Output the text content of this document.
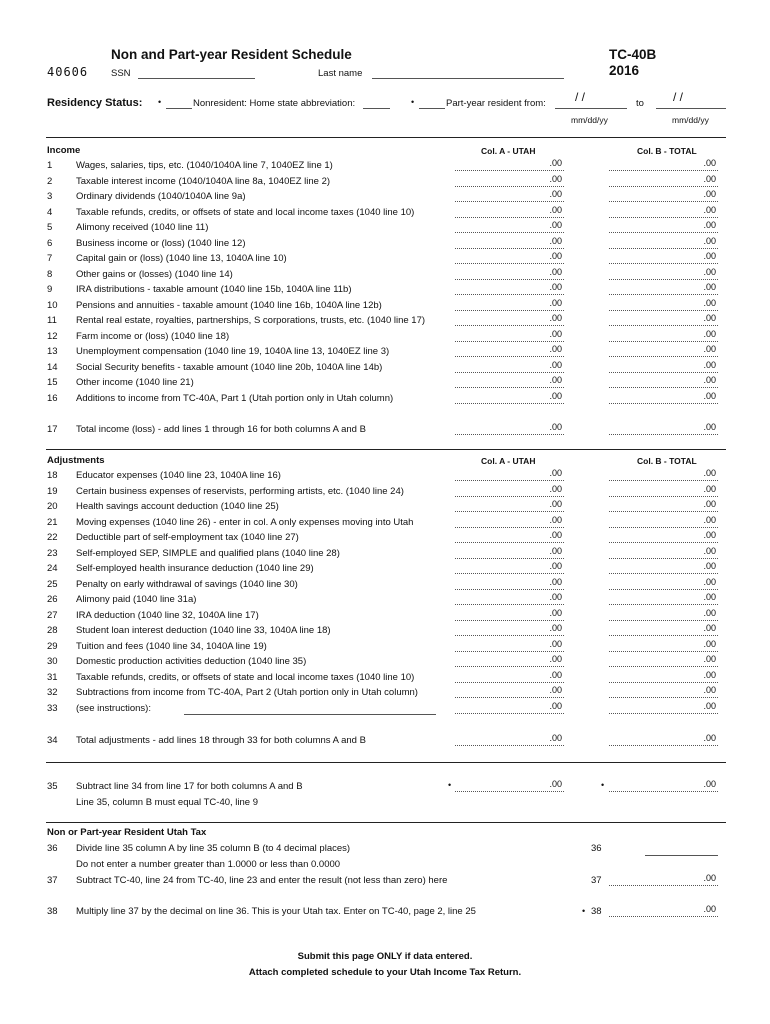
40606
Non and Part-year Resident Schedule
SSN	Last name
TC-40B
2016
Residency Status: •	Nonresident: Home state abbreviation:	•	Part-year resident from: / /	to / /
mm/dd/yy	mm/dd/yy
Income	Col. A - UTAH	Col. B - TOTAL
1 Wages, salaries, tips, etc. (1040/1040A line 7, 1040EZ line 1)	.00	.00
2 Taxable interest income (1040/1040A line 8a, 1040EZ line 2)	.00	.00
3 Ordinary dividends (1040/1040A line 9a)	.00	.00
4 Taxable refunds, credits, or offsets of state and local income taxes (1040 line 10)	.00	.00
5 Alimony received (1040 line 11)	.00	.00
6 Business income or (loss) (1040 line 12)	.00	.00
7 Capital gain or (loss) (1040 line 13, 1040A line 10)	.00	.00
8 Other gains or (losses) (1040 line 14)	.00	.00
9 IRA distributions - taxable amount (1040 line 15b, 1040A line 11b)	.00	.00
10 Pensions and annuities - taxable amount (1040 line 16b, 1040A line 12b)	.00	.00
11 Rental real estate, royalties, partnerships, S corporations, trusts, etc. (1040 line 17)	.00	.00
12 Farm income or (loss) (1040 line 18)	.00	.00
13 Unemployment compensation (1040 line 19, 1040A line 13, 1040EZ line 3)	.00	.00
14 Social Security benefits - taxable amount (1040 line 20b, 1040A line 14b)	.00	.00
15 Other income (1040 line 21)	.00	.00
16 Additions to income from TC-40A, Part 1 (Utah portion only in Utah column)	.00	.00
17 Total income (loss) - add lines 1 through 16 for both columns A and B	.00	.00
Adjustments	Col. A - UTAH	Col. B - TOTAL
18 Educator expenses (1040 line 23, 1040A line 16)	.00	.00
19 Certain business expenses of reservists, performing artists, etc. (1040 line 24)	.00	.00
20 Health savings account deduction (1040 line 25)	.00	.00
21 Moving expenses (1040 line 26) - enter in col. A only expenses moving into Utah	.00	.00
22 Deductible part of self-employment tax (1040 line 27)	.00	.00
23 Self-employed SEP, SIMPLE and qualified plans (1040 line 28)	.00	.00
24 Self-employed health insurance deduction (1040 line 29)	.00	.00
25 Penalty on early withdrawal of savings (1040 line 30)	.00	.00
26 Alimony paid (1040 line 31a)	.00	.00
27 IRA deduction (1040 line 32, 1040A line 17)	.00	.00
28 Student loan interest deduction (1040 line 33, 1040A line 18)	.00	.00
29 Tuition and fees (1040 line 34, 1040A line 19)	.00	.00
30 Domestic production activities deduction (1040 line 35)	.00	.00
31 Taxable refunds, credits, or offsets of state and local income taxes (1040 line 10)	.00	.00
32 Subtractions from income from TC-40A, Part 2 (Utah portion only in Utah column)	.00	.00
33 (see instructions):	.00	.00
34 Total adjustments - add lines 18 through 33 for both columns A and B	.00	.00
35 Subtract line 34 from line 17 for both columns A and B	•	.00	•	.00
Line 35, column B must equal TC-40, line 9
Non or Part-year Resident Utah Tax
36 Divide line 35 column A by line 35 column B (to 4 decimal places)
Do not enter a number greater than 1.0000 or less than 0.0000
36
37 Subtract TC-40, line 24 from TC-40, line 23 and enter the result (not less than zero) here	37	.00
38 Multiply line 37 by the decimal on line 36. This is your Utah tax. Enter on TC-40, page 2, line 25	• 38	.00
Submit this page ONLY if data entered.
Attach completed schedule to your Utah Income Tax Return.
